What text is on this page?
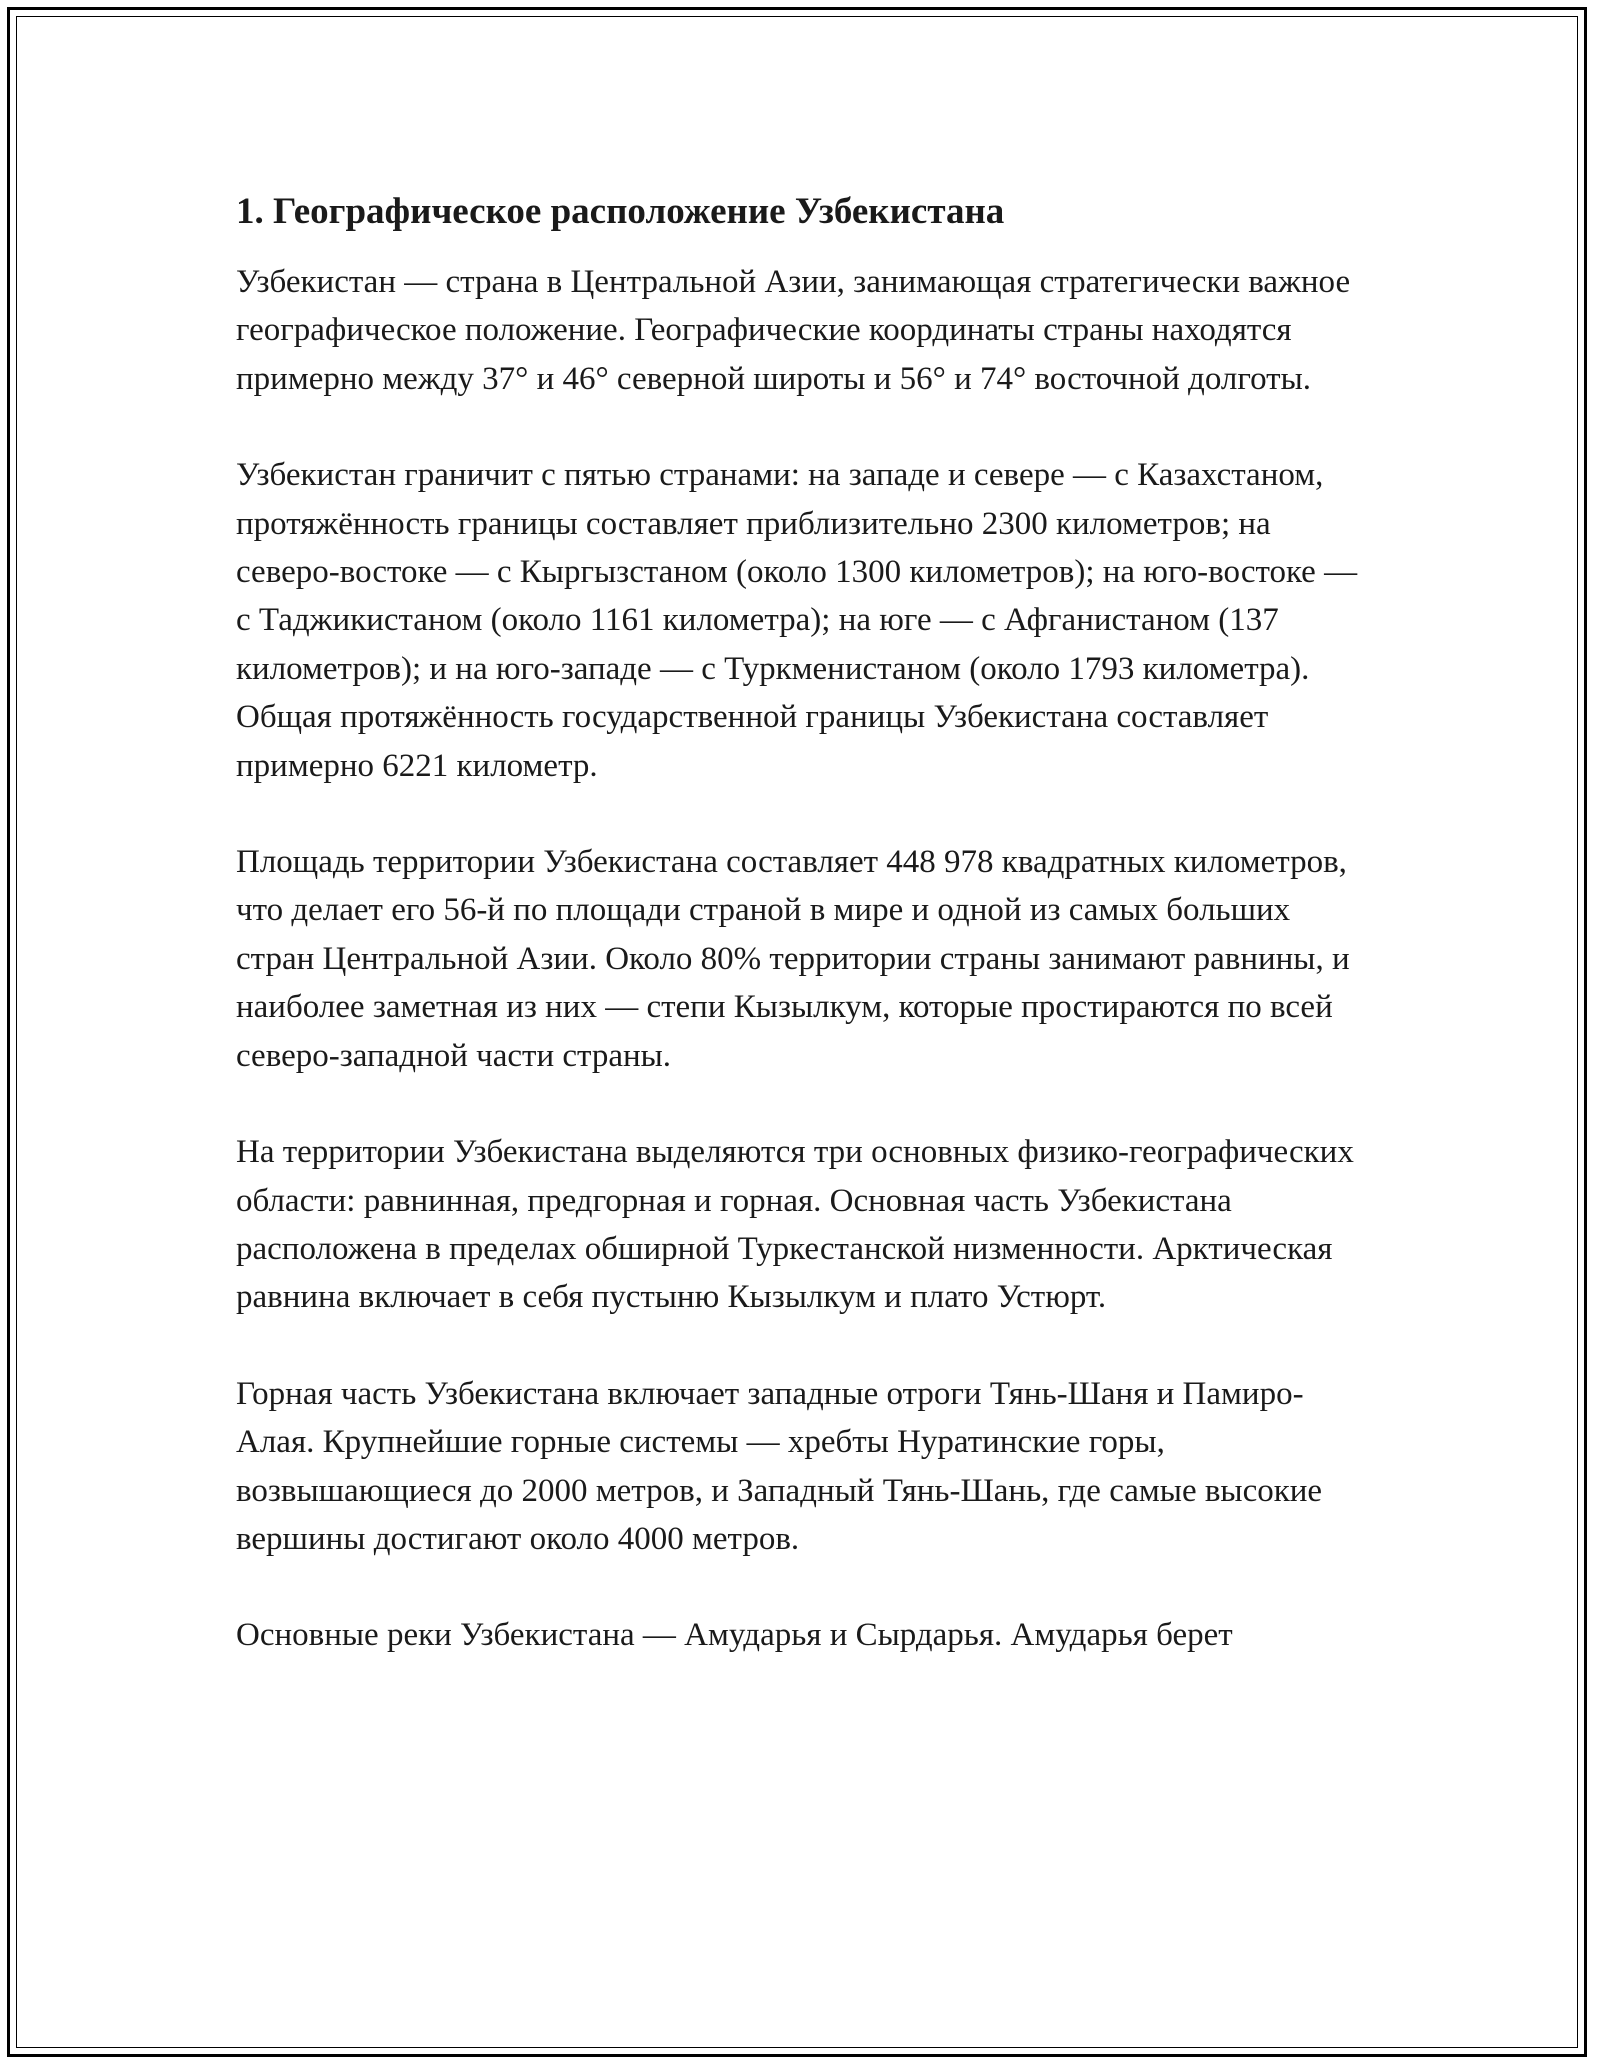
1. Географическое расположение Узбекистана

Узбекистан — страна в Центральной Азии, занимающая стратегически важное географическое положение. Географические координаты страны находятся примерно между 37° и 46° северной широты и 56° и 74° восточной долготы.

Узбекистан граничит с пятью странами: на западе и севере — с Казахстаном, протяжённость границы составляет приблизительно 2300 километров; на северо-востоке — с Кыргызстаном (около 1300 километров); на юго-востоке — с Таджикистаном (около 1161 километра); на юге — с Афганистаном (137 километров); и на юго-западе — с Туркменистаном (около 1793 километра). Общая протяжённость государственной границы Узбекистана составляет примерно 6221 километр.

Площадь территории Узбекистана составляет 448 978 квадратных километров, что делает его 56-й по площади страной в мире и одной из самых больших стран Центральной Азии. Около 80% территории страны занимают равнины, и наиболее заметная из них — степи Кызылкум, которые простираются по всей северо-западной части страны.

На территории Узбекистана выделяются три основных физико-географических области: равнинная, предгорная и горная. Основная часть Узбекистана расположена в пределах обширной Туркестанской низменности. Арктическая равнина включает в себя пустыню Кызылкум и плато Устюрт.

Горная часть Узбекистана включает западные отроги Тянь-Шаня и Памиро-Алая. Крупнейшие горные системы — хребты Нуратинские горы, возвышающиеся до 2000 метров, и Западный Тянь-Шань, где самые высокие вершины достигают около 4000 метров.

Основные реки Узбекистана — Амударья и Сырдарья. Амударья берет
